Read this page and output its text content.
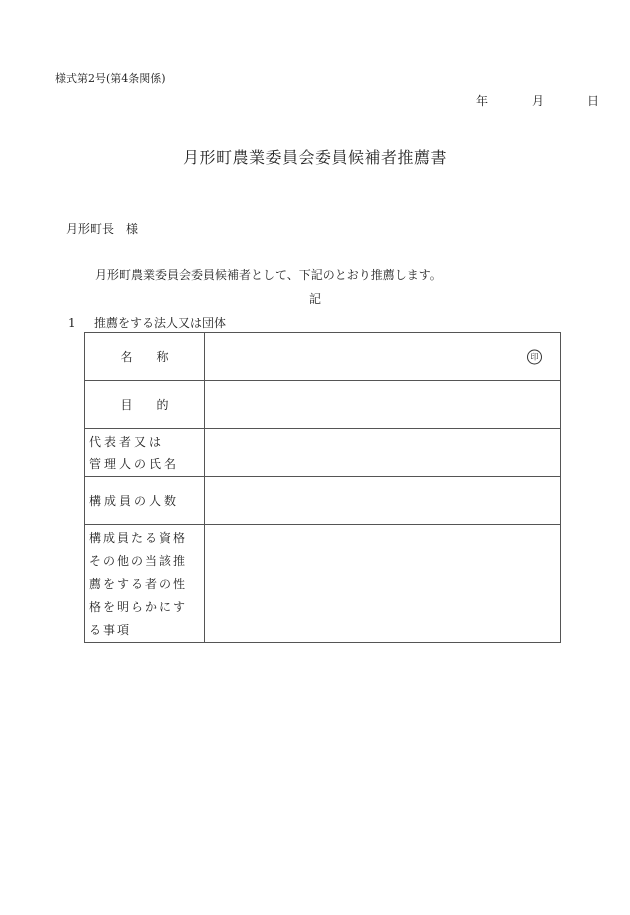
様式第2号(第4条関係)
年	月	日
月形町農業委員会委員候補者推薦書
月形町長　様
月形町農業委員会委員候補者として、下記のとおり推薦します。
記
1 推薦をする法人又は団体
名称	印

目的	

代表者又は
管理人の氏名	

構成員の人数	

構成員たる資格
その他の当該推
薦をする者の性
格を明らかにす
る事項	
